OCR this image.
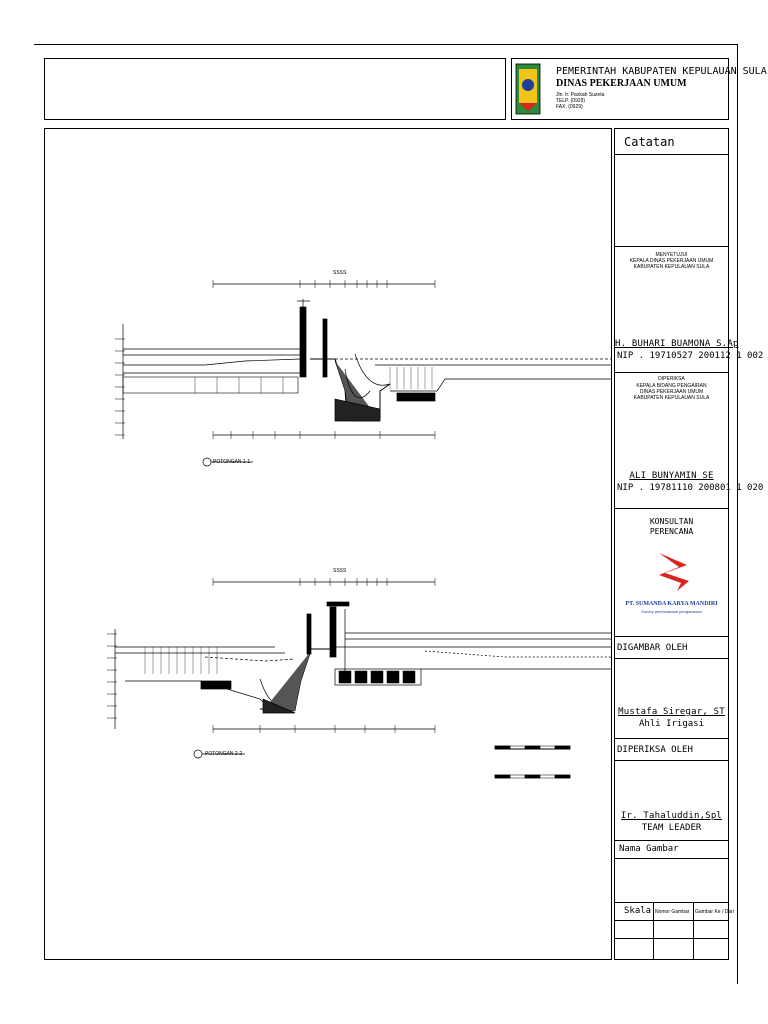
PEMERINTAH KABUPATEN KEPULAUAN SULA
DINAS PEKERJAAN UMUM
Jln. Ir. Paskah Suzeta
TELP. (0929)
FAX. (0929)
SSSS
POTONGAN 1-1
SSSS
POTONGAN 2-2
Catatan
MENYETUJUI
KEPALA DINAS PEKERJAAN UMUM
KABUPATEN KEPULAUAN SULA
H. BUHARI BUAMONA S.Ap
NIP . 19710527 200112 1 002
DIPERIKSA
KEPALA BIDANG PENGAIRAN
DINAS PEKERJAAN UMUM
KABUPATEN KEPULAUAN SULA
ALI BUNYAMIN SE
NIP . 19781110 200801 1 020
KONSULTAN
PERENCANA
PT. SUMANDA KARYA MANDIRI
Survey perencanaan pengawasan
DIGAMBAR OLEH
Mustafa Siregar, ST
Ahli Irigasi
DIPERIKSA OLEH
Ir. Tahaluddin,Spl
TEAM LEADER
Nama Gambar
Skala Nomor Gambar Gambar Ke / Dari
